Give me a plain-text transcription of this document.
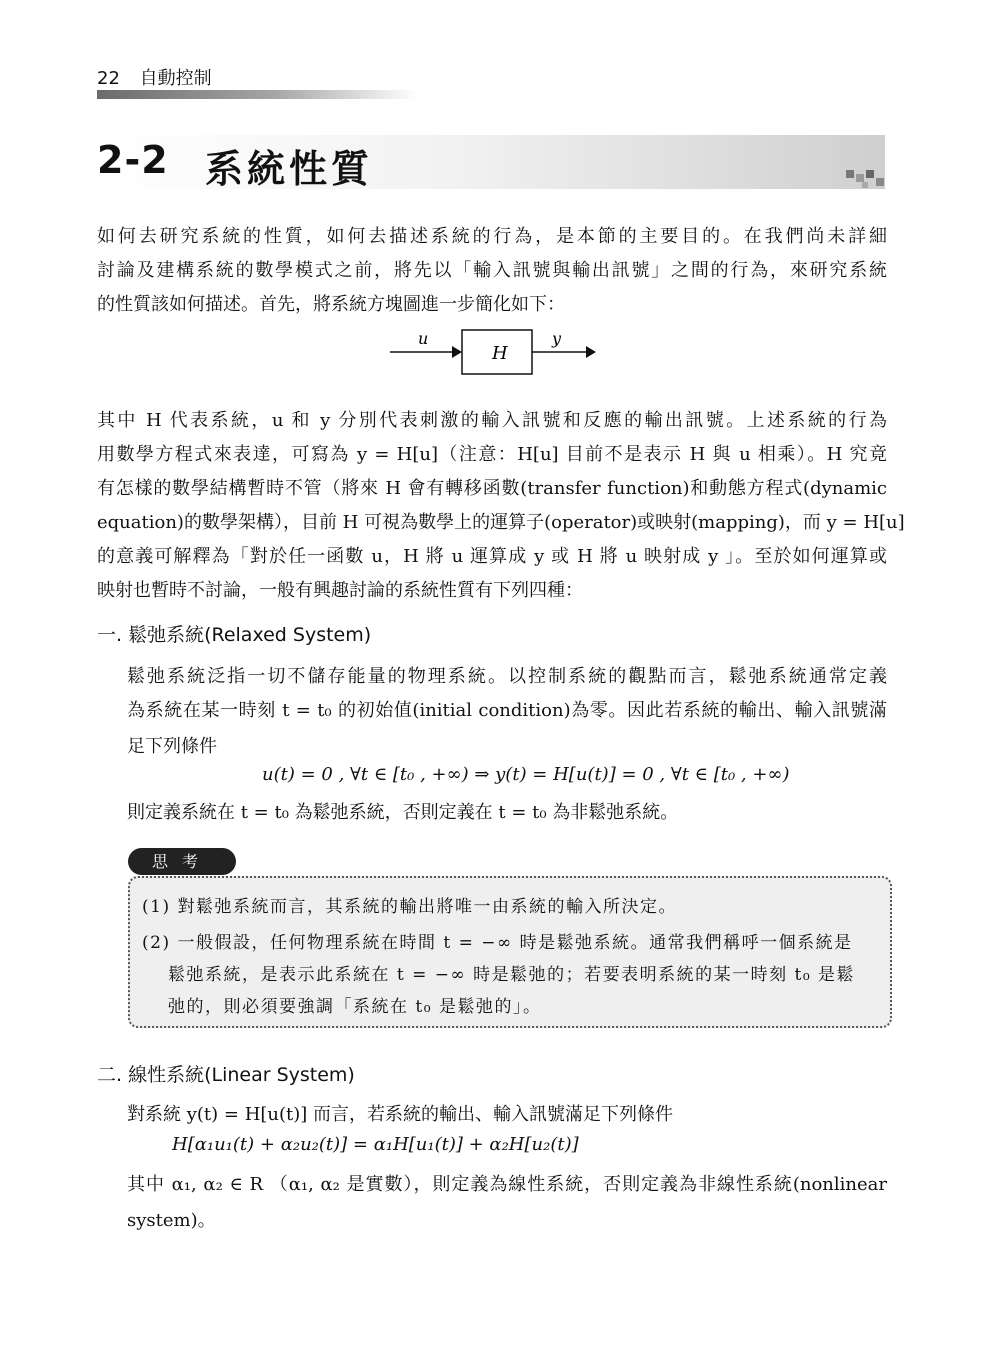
22 自動控制
2-2 系統性質

如何去研究系統的性質，如何去描述系統的行為，是本節的主要目的。在我們尚未詳細

討論及建構系統的數學模式之前，將先以「輸入訊號與輸出訊號」之間的行為，來研究系統

的性質該如何描述。首先，將系統方塊圖進一步簡化如下：

u
H
y

其中 H 代表系統，u 和 y 分別代表刺激的輸入訊號和反應的輸出訊號。上述系統的行為

用數學方程式來表達，可寫為 y = H[u]（注意：H[u] 目前不是表示 H 與 u 相乘）。H 究竟

有怎樣的數學結構暫時不管（將來 H 會有轉移函數(transfer function)和動態方程式(dynamic

equation)的數學架構），目前 H 可視為數學上的運算子(operator)或映射(mapping)，而 y = H[u]

的意義可解釋為「對於任一函數 u，H 將 u 運算成 y 或 H 將 u 映射成 y 」。至於如何運算或

映射也暫時不討論，一般有興趣討論的系統性質有下列四種：

一. 鬆弛系統(Relaxed System)

鬆弛系統泛指一切不儲存能量的物理系統。以控制系統的觀點而言，鬆弛系統通常定義

為系統在某一時刻 t = t₀ 的初始值(initial condition)為零。因此若系統的輸出、輸入訊號滿

足下列條件

u(t) = 0 , ∀t ∈ [t₀ , +∞) ⇒ y(t) = H[u(t)] = 0 , ∀t ∈ [t₀ , +∞)

則定義系統在 t = t₀ 為鬆弛系統，否則定義在 t = t₀ 為非鬆弛系統。

思考

(1) 對鬆弛系統而言，其系統的輸出將唯一由系統的輸入所決定。

(2) 一般假設，任何物理系統在時間 t = −∞ 時是鬆弛系統。通常我們稱呼一個系統是

鬆弛系統，是表示此系統在 t = −∞ 時是鬆弛的；若要表明系統的某一時刻 t₀ 是鬆

弛的，則必須要強調「系統在 t₀ 是鬆弛的」。

二. 線性系統(Linear System)

對系統 y(t) = H[u(t)] 而言，若系統的輸出、輸入訊號滿足下列條件

H[α₁u₁(t) + α₂u₂(t)] = α₁H[u₁(t)] + α₂H[u₂(t)]

其中 α₁, α₂ ∈ R （α₁, α₂ 是實數），則定義為線性系統，否則定義為非線性系統(nonlinear

system)。
